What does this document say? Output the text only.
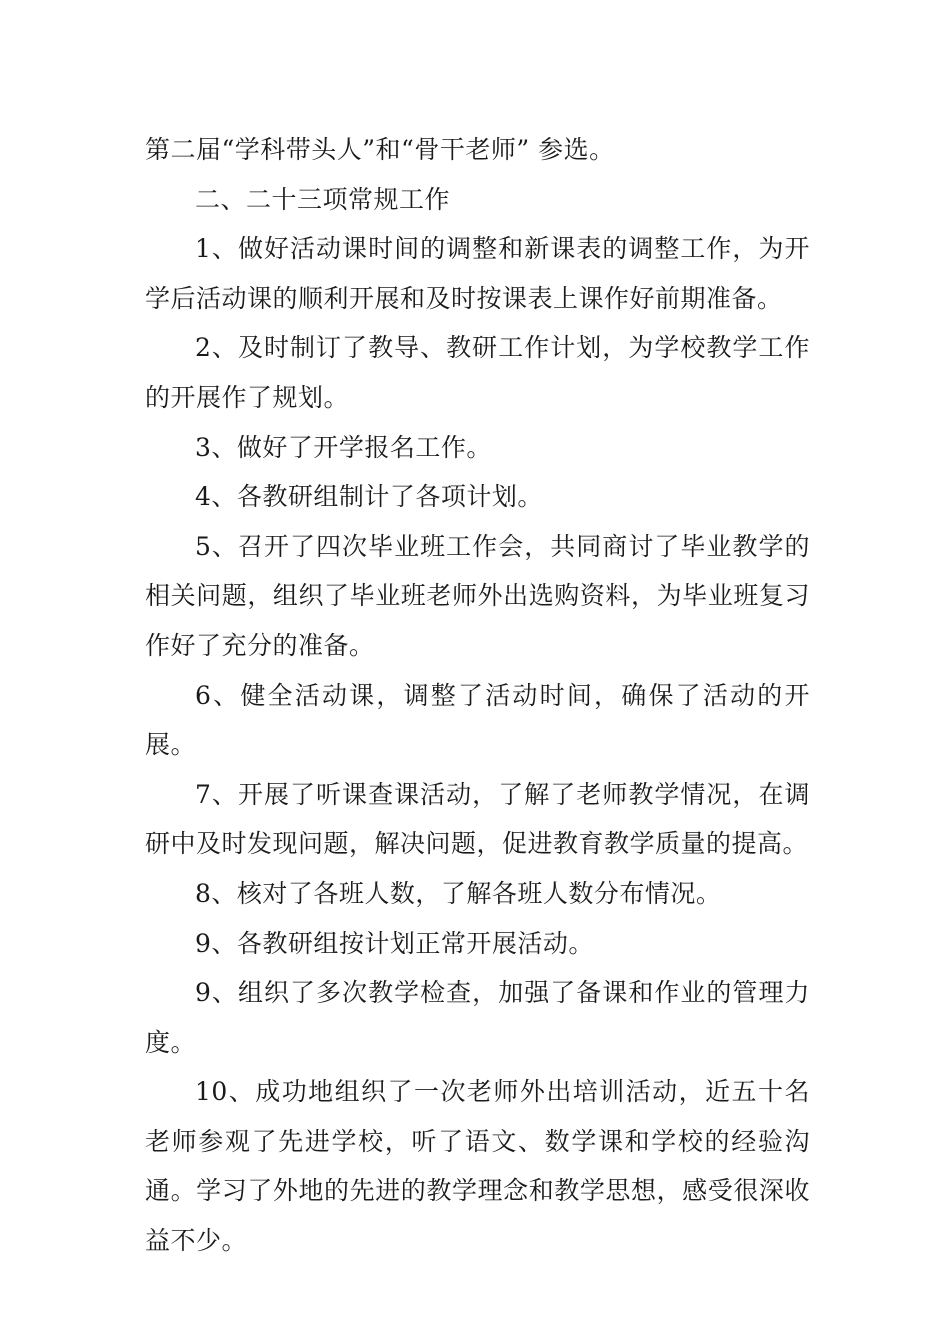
第二届“学科带头人”和“骨干老师” 参选。

二、二十三项常规工作

1、做好活动课时间的调整和新课表的调整工作，为开学后活动课的顺利开展和及时按课表上课作好前期准备。

2、及时制订了教导、教研工作计划，为学校教学工作的开展作了规划。

3、做好了开学报名工作。

4、各教研组制计了各项计划。

5、召开了四次毕业班工作会，共同商讨了毕业教学的相关问题，组织了毕业班老师外出选购资料，为毕业班复习作好了充分的准备。

6、健全活动课，调整了活动时间，确保了活动的开展。

7、开展了听课查课活动，了解了老师教学情况，在调研中及时发现问题，解决问题，促进教育教学质量的提高。

8、核对了各班人数，了解各班人数分布情况。

9、各教研组按计划正常开展活动。

9、组织了多次教学检查，加强了备课和作业的管理力度。

10、成功地组织了一次老师外出培训活动，近五十名老师参观了先进学校，听了语文、数学课和学校的经验沟通。学习了外地的先进的教学理念和教学思想，感受很深收益不少。
